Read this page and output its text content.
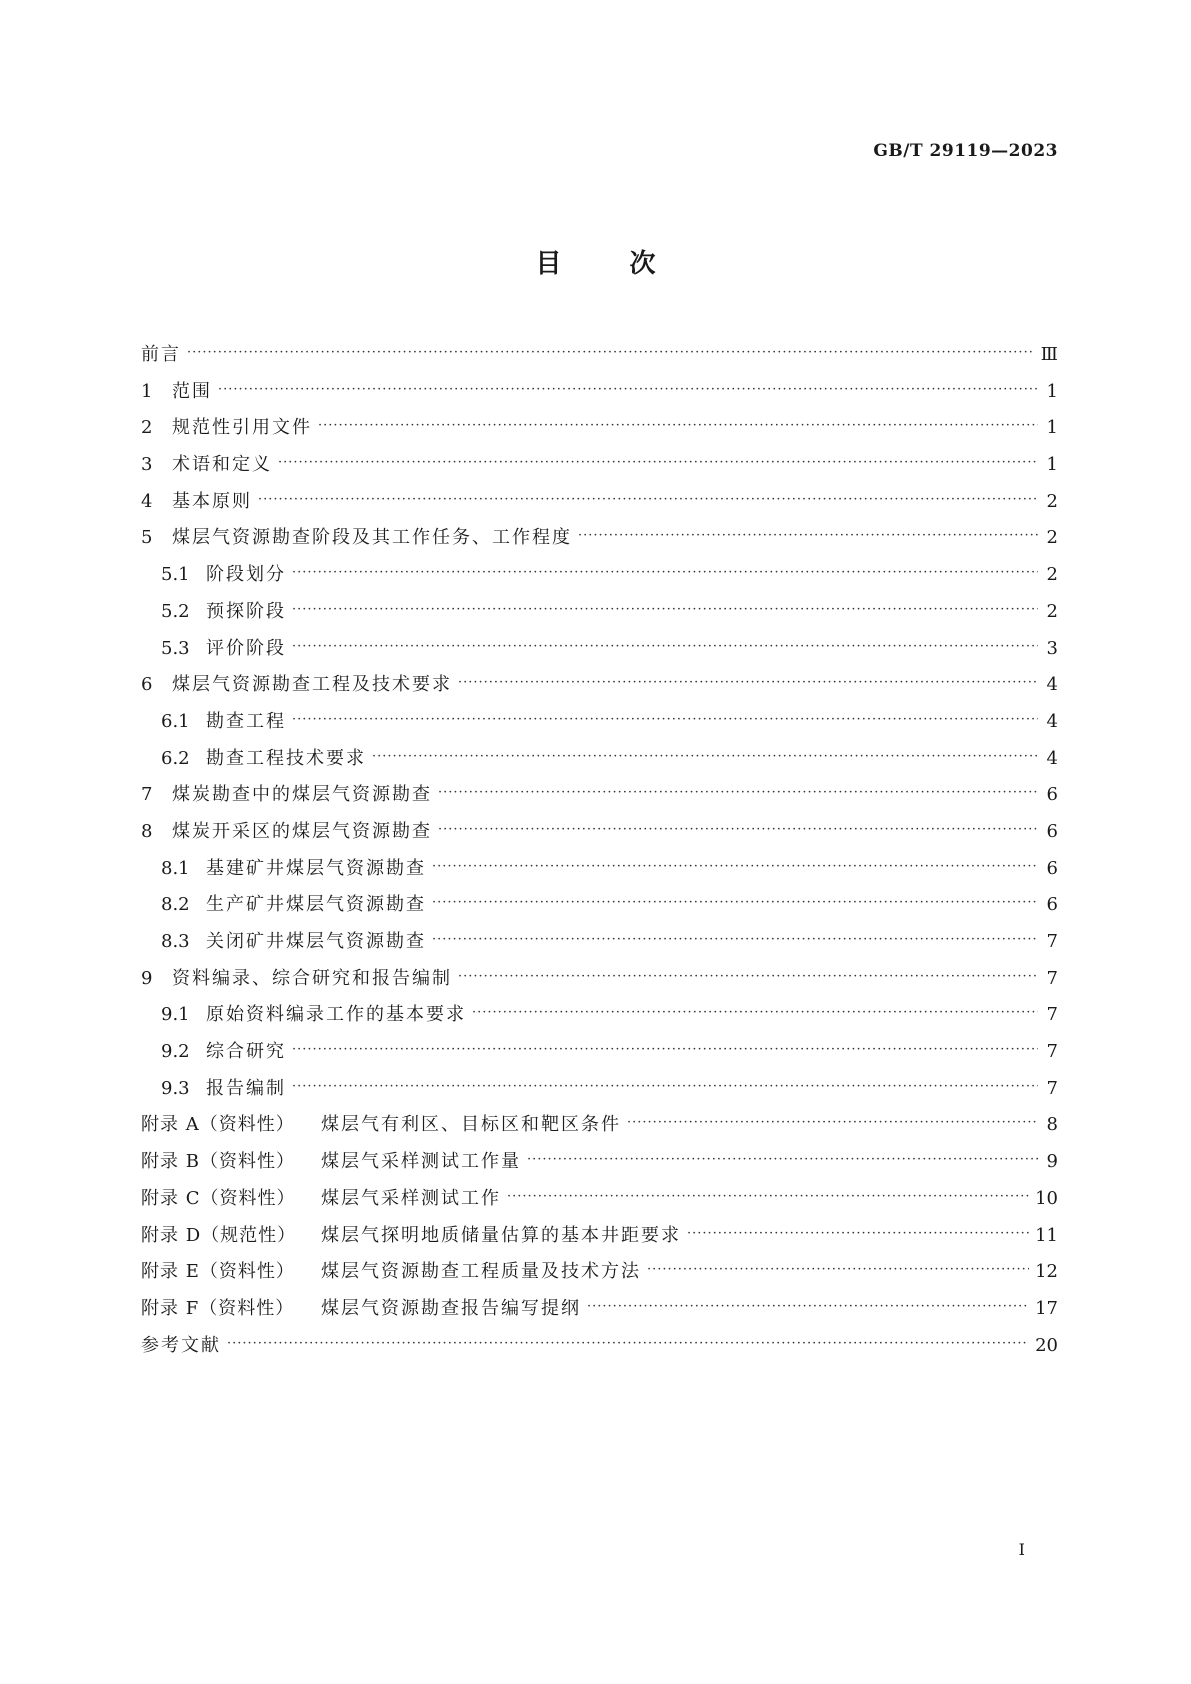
GB/T 29119—2023
目	次
前言 ·····	Ⅲ
1	范围 ·····	1
2	规范性引用文件 ·····	1
3	术语和定义 ·····	1
4	基本原则 ·····	2
5	煤层气资源勘查阶段及其工作任务、工作程度 ·····	2
5.1 阶段划分 ·····	2
5.2 预探阶段 ·····	2
5.3 评价阶段 ·····	3
6	煤层气资源勘查工程及技术要求 ·····	4
6.1 勘查工程 ·····	4
6.2 勘查工程技术要求 ·····	4
7	煤炭勘查中的煤层气资源勘查 ·····	6
8	煤炭开采区的煤层气资源勘查 ·····	6
8.1 基建矿井煤层气资源勘查 ·····	6
8.2 生产矿井煤层气资源勘查 ·····	6
8.3 关闭矿井煤层气资源勘查 ·····	7
9	资料编录、综合研究和报告编制 ·····	7
9.1 原始资料编录工作的基本要求 ·····	7
9.2 综合研究 ·····	7
9.3 报告编制 ·····	7
附录 A（资料性）	煤层气有利区、目标区和靶区条件 ·····	8
附录 B（资料性）	煤层气采样测试工作量 ·····	9
附录 C（资料性）	煤层气采样测试工作 ·····	10
附录 D（规范性）	煤层气探明地质储量估算的基本井距要求 ·····	11
附录 E（资料性）	煤层气资源勘查工程质量及技术方法 ·····	12
附录 F（资料性）	煤层气资源勘查报告编写提纲 ·····	17
参考文献 ·····	20
Ⅰ
